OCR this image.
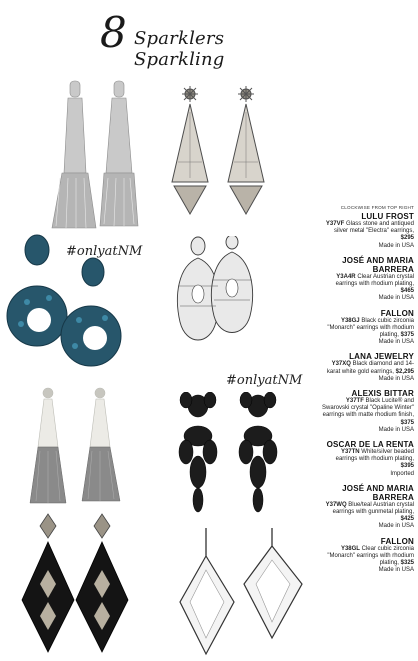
8 Sparklers Sparkling
#onlyatNM
#onlyatNM
CLOCKWISE FROM TOP RIGHT
LULU FROST
Y37VF Glass stone and antiqued silver metal "Electra" earrings, $295
Made in USA
JOSÉ AND MARIA BARRERA
Y3A4R Clear Austrian crystal earrings with rhodium plating, $465
Made in USA
FALLON
Y38GJ Black cubic zirconia "Monarch" earrings with rhodium plating, $375
Made in USA
LANA JEWELRY
Y37XQ Black diamond and 14-karat white gold earrings, $2,295
Made in USA
ALEXIS BITTAR
Y37TF Black Lucite® and Swarovski crystal "Opaline Winter" earrings with matte rhodium finish, $375
Made in USA
OSCAR DE LA RENTA
Y37TN White/silver beaded earrings with rhodium plating, $395
Imported
JOSÉ AND MARIA BARRERA
Y37WQ Blue/teal Austrian crystal earrings with gunmetal plating, $425
Made in USA
FALLON
Y38GL Clear cubic zirconia "Monarch" earrings with rhodium plating, $325
Made in USA
